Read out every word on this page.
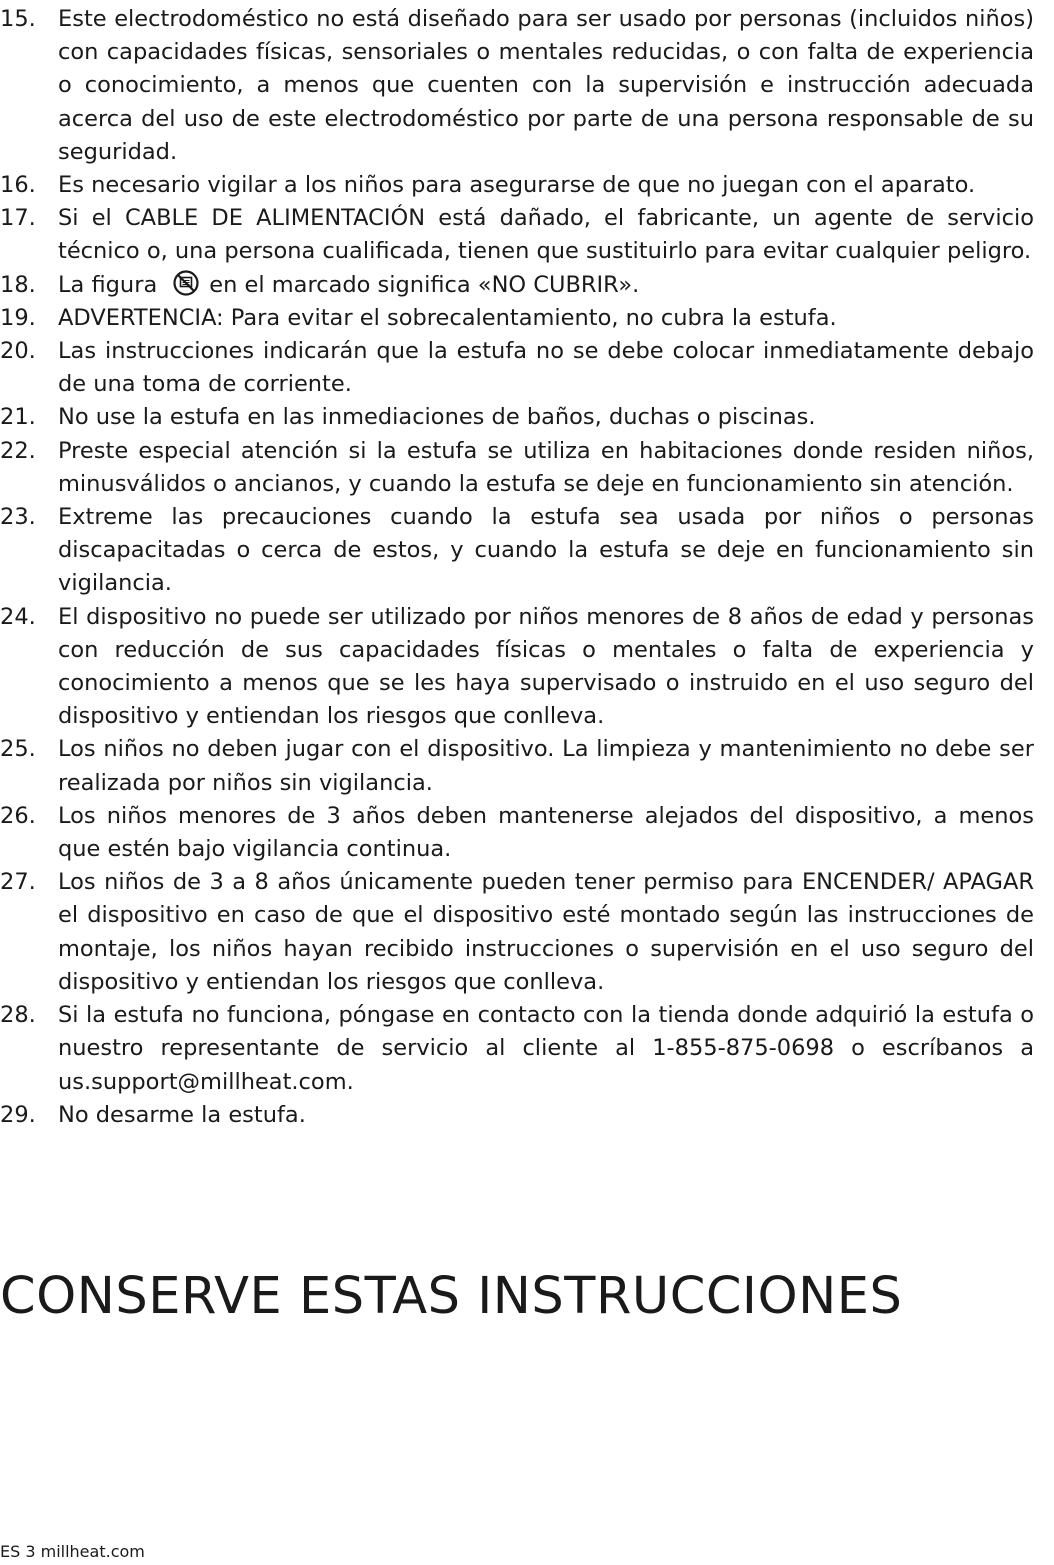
15. Este electrodoméstico no está diseñado para ser usado por personas (incluidos niños) con capacidades físicas, sensoriales o mentales reducidas, o con falta de experiencia o conocimiento, a menos que cuenten con la supervisión e instrucción adecuada acerca del uso de este electrodoméstico por parte de una persona responsable de su seguridad.
16. Es necesario vigilar a los niños para asegurarse de que no juegan con el aparato.
17. Si el CABLE DE ALIMENTACIÓN está dañado, el fabricante, un agente de servicio técnico o, una persona cualificada, tienen que sustituirlo para evitar cualquier peligro.
18. La figura en el marcado significa «NO CUBRIR».
19. ADVERTENCIA: Para evitar el sobrecalentamiento, no cubra la estufa.
20. Las instrucciones indicarán que la estufa no se debe colocar inmediatamente debajo de una toma de corriente.
21. No use la estufa en las inmediaciones de baños, duchas o piscinas.
22. Preste especial atención si la estufa se utiliza en habitaciones donde residen niños, minusválidos o ancianos, y cuando la estufa se deje en funcionamiento sin atención.
23. Extreme las precauciones cuando la estufa sea usada por niños o personas discapacitadas o cerca de estos, y cuando la estufa se deje en funcionamiento sin vigilancia.
24. El dispositivo no puede ser utilizado por niños menores de 8 años de edad y personas con reducción de sus capacidades físicas o mentales o falta de experiencia y conocimiento a menos que se les haya supervisado o instruido en el uso seguro del dispositivo y entiendan los riesgos que conlleva.
25. Los niños no deben jugar con el dispositivo. La limpieza y mantenimiento no debe ser realizada por niños sin vigilancia.
26. Los niños menores de 3 años deben mantenerse alejados del dispositivo, a menos que estén bajo vigilancia continua.
27. Los niños de 3 a 8 años únicamente pueden tener permiso para ENCENDER/ APAGAR el dispositivo en caso de que el dispositivo esté montado según las instrucciones de montaje, los niños hayan recibido instrucciones o supervisión en el uso seguro del dispositivo y entiendan los riesgos que conlleva.
28. Si la estufa no funciona, póngase en contacto con la tienda donde adquirió la estufa o nuestro representante de servicio al cliente al 1-855-875-0698 o escríbanos a us.support@millheat.com.
29. No desarme la estufa.
CONSERVE ESTAS INSTRUCCIONES
ES 3 millheat.com
